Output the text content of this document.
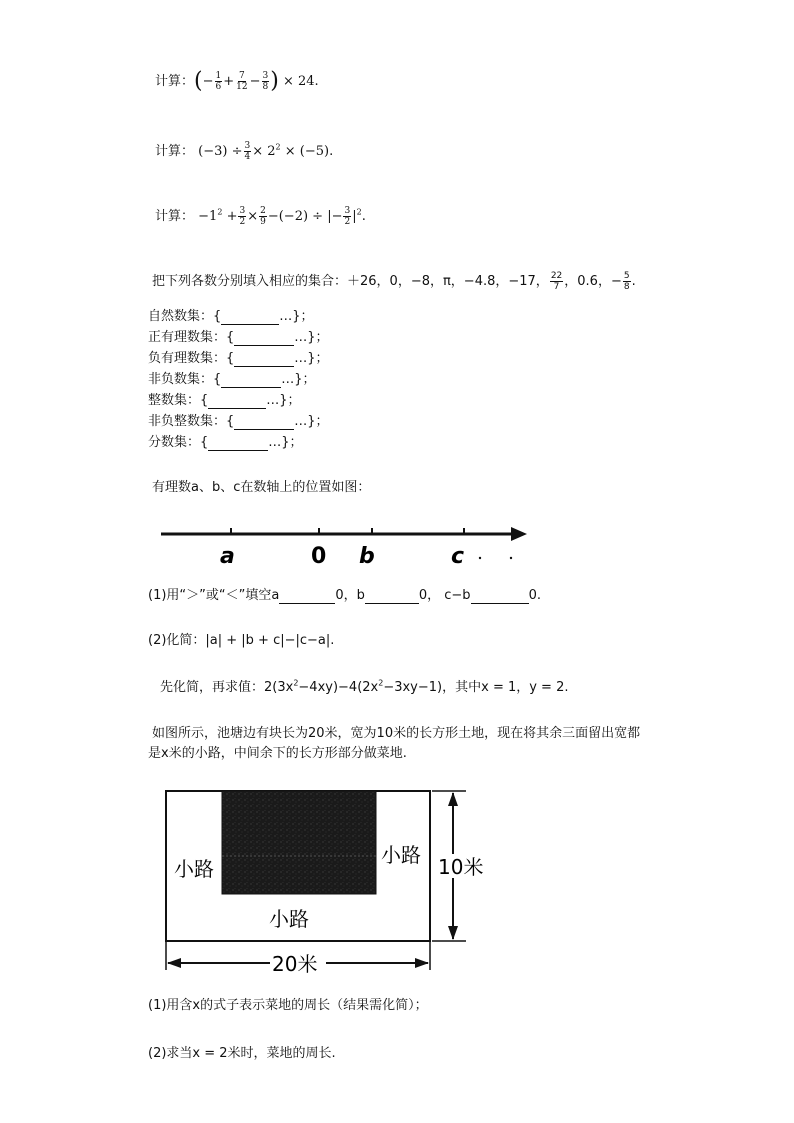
计算：(− $\frac{1}{6} + \frac{7}{12} - \frac{3}{8}$ ) × 24.
计算： $(-3) \div \frac{3}{4} \times 2^2 \times (-5)$.
计算： $-1^2 + \frac{3}{2} \times \frac{2}{9} -(-2)$ ÷ |− $\frac{3}{2} |^2$.
把下列各数分别填入相应的集合：＋26，0，−8，π，−4.8，−17， $\frac{22}{7}$ ，0.6，− $\frac{5}{8}$ .
自然数集：{	…}；
正有理数集：{	…}；
负有理数集：{	…}；
非负数集：{	…}；
整数集：{	…}；
非负整数集：{	…}；
分数集：{	…}；
有理数a、b、c在数轴上的位置如图：
a	0 b	c
(1)用“＞”或“＜”填空a	0，b	0， c−b	0.
(2)化简：|a| + |b + c|−|c−a|.
先化简，再求值：$2(3x^2-4xy)-4(2x^2-3xy-1)$，其中x = 1，y = 2.
如图所示，池塘边有块长为20米，宽为10米的长方形土地，现在将其余三面留出宽都
是x米的小路，中间余下的长方形部分做菜地.
小路
小路
小路
10米
20米
(1)用含x的式子表示菜地的周长（结果需化简）；
(2)求当x = 2米时，菜地的周长.
